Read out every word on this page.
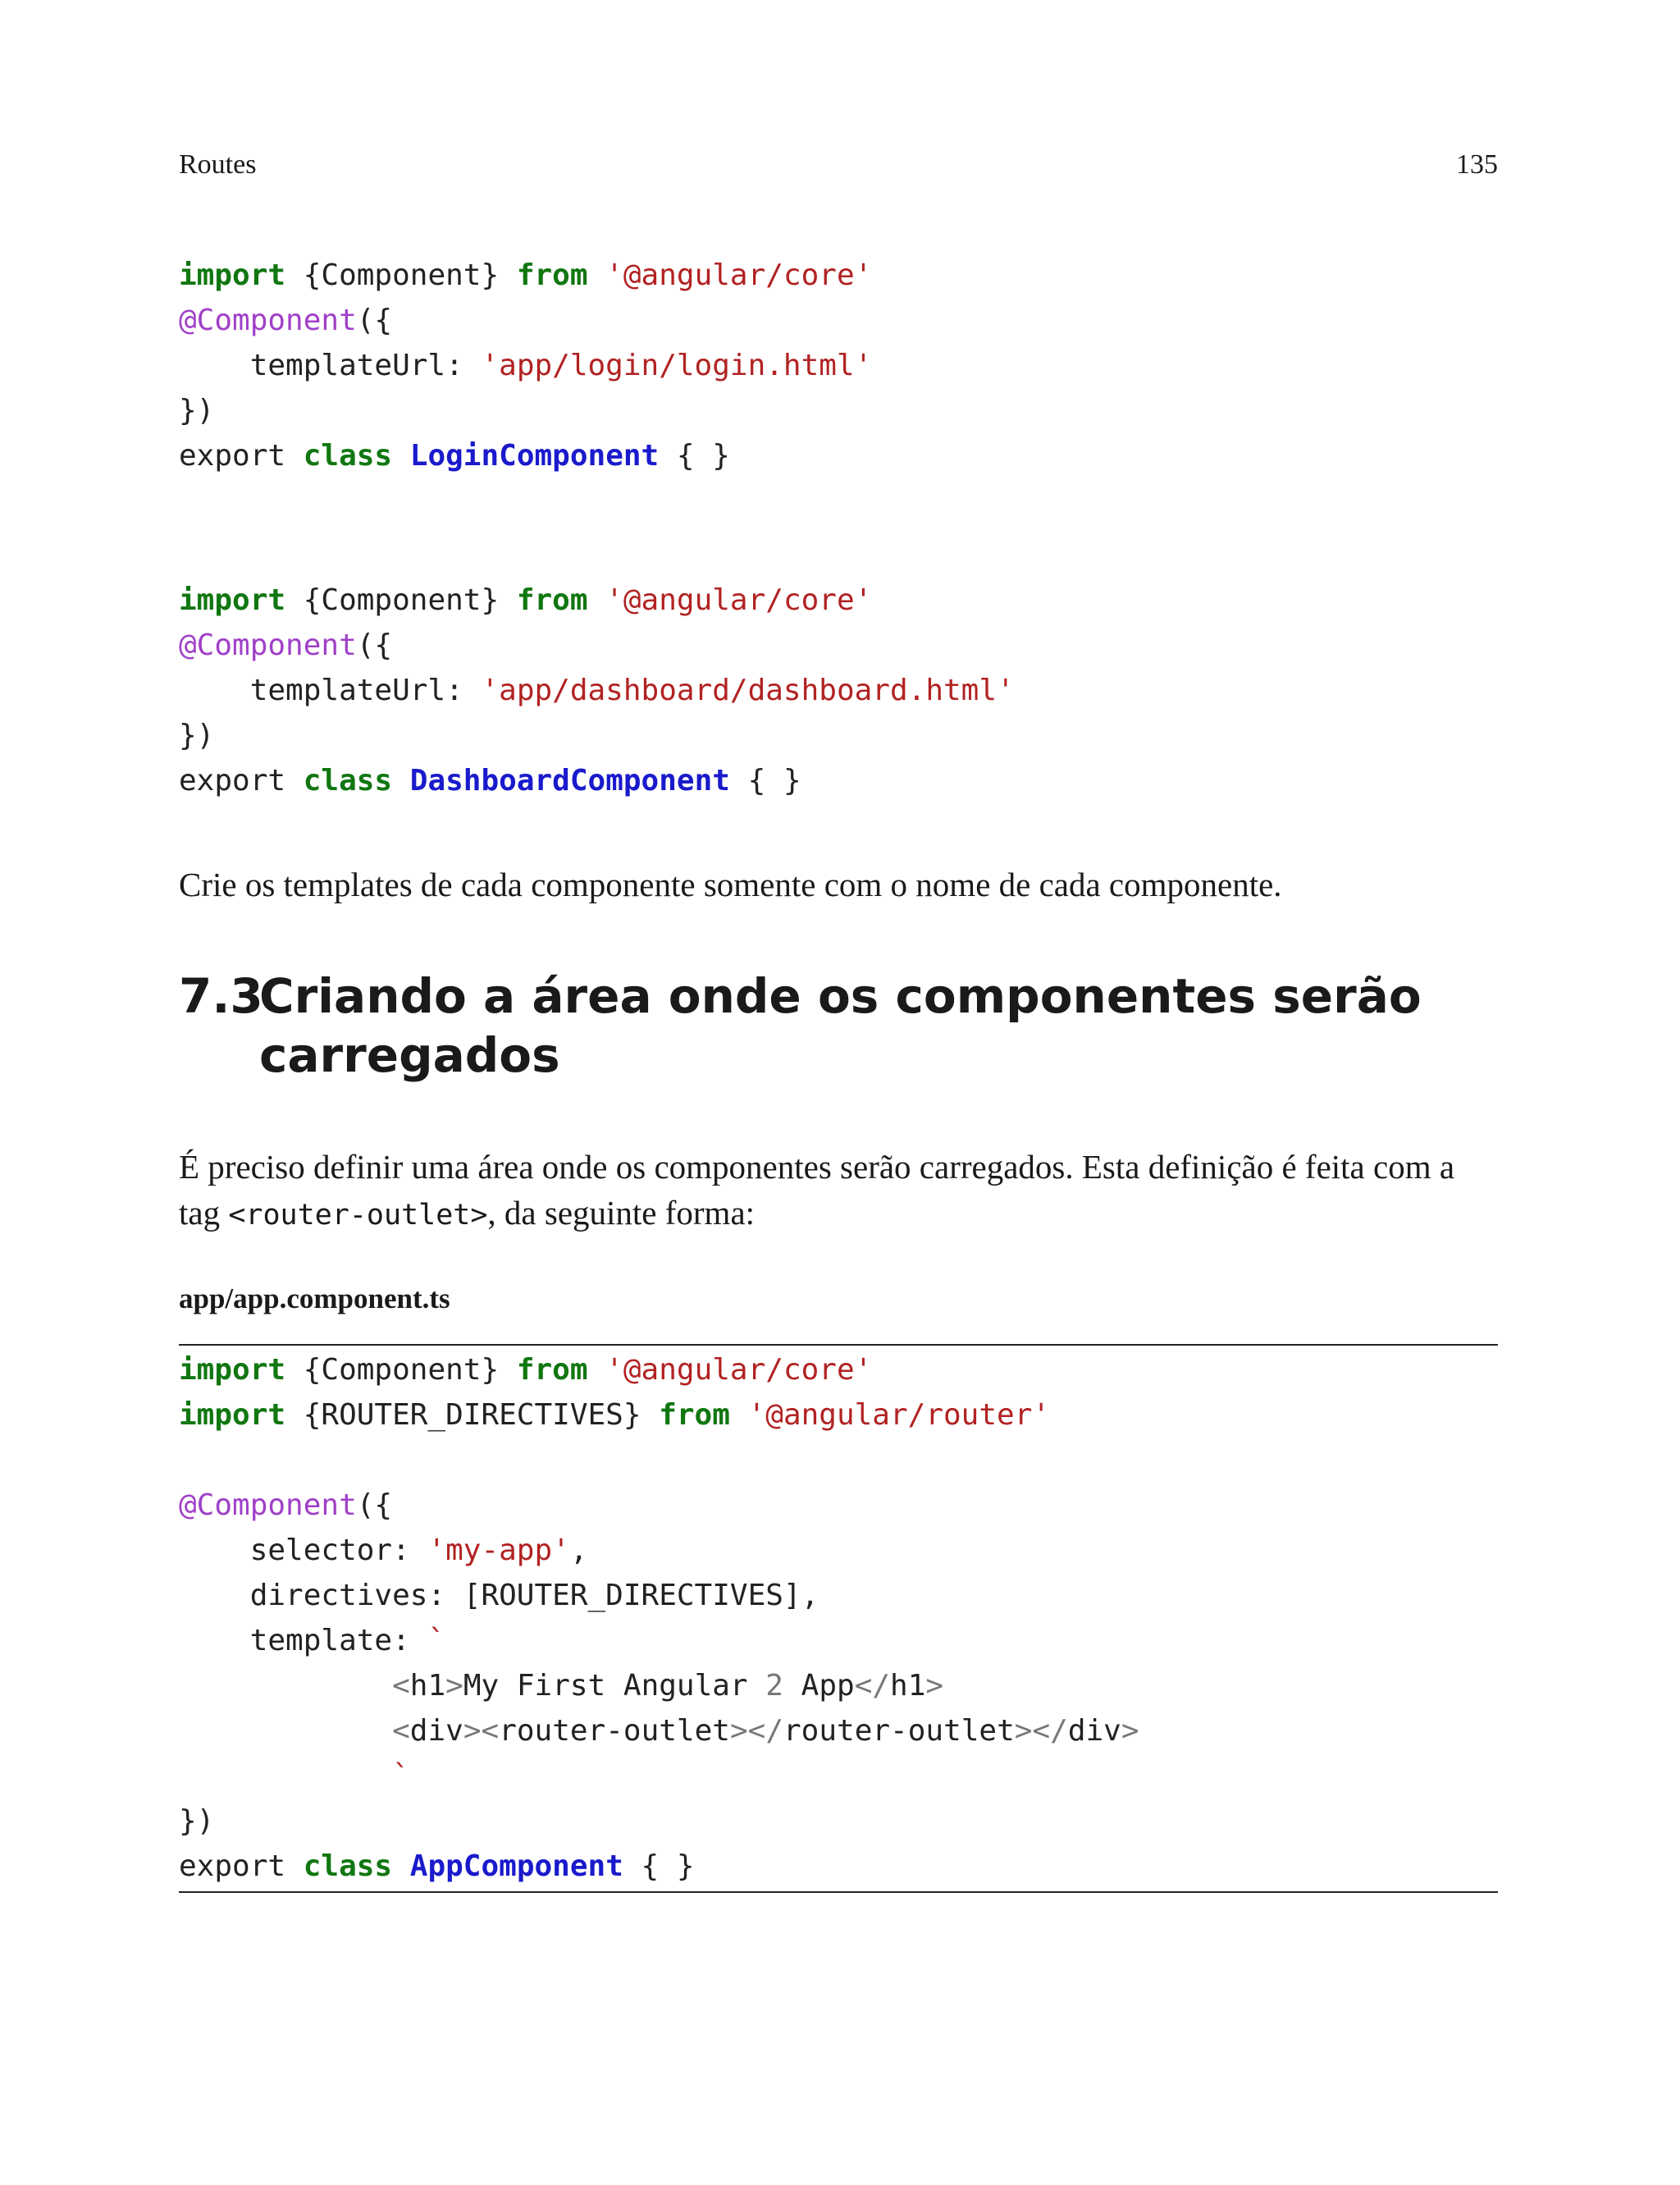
Routes	135
import {Component} from '@angular/core'
@Component({
templateUrl: 'app/login/login.html'
})
export class LoginComponent { }
import {Component} from '@angular/core'
@Component({
templateUrl: 'app/dashboard/dashboard.html'
})
export class DashboardComponent { }

Crie os templates de cada componente somente com o nome de cada componente.

7.3
Criando a área onde os componentes serão carregados

É preciso definir uma área onde os componentes serão carregados. Esta definição é feita com a tag <router-outlet>, da seguinte forma:

app/app.component.ts
import {Component} from '@angular/core'
import {ROUTER_DIRECTIVES} from '@angular/router'
@Component({
selector: 'my-app',
directives: [ROUTER_DIRECTIVES],
template: `
<h1>My First Angular 2 App</h1>
<div><router-outlet></router-outlet></div>
`
})
export class AppComponent { }
